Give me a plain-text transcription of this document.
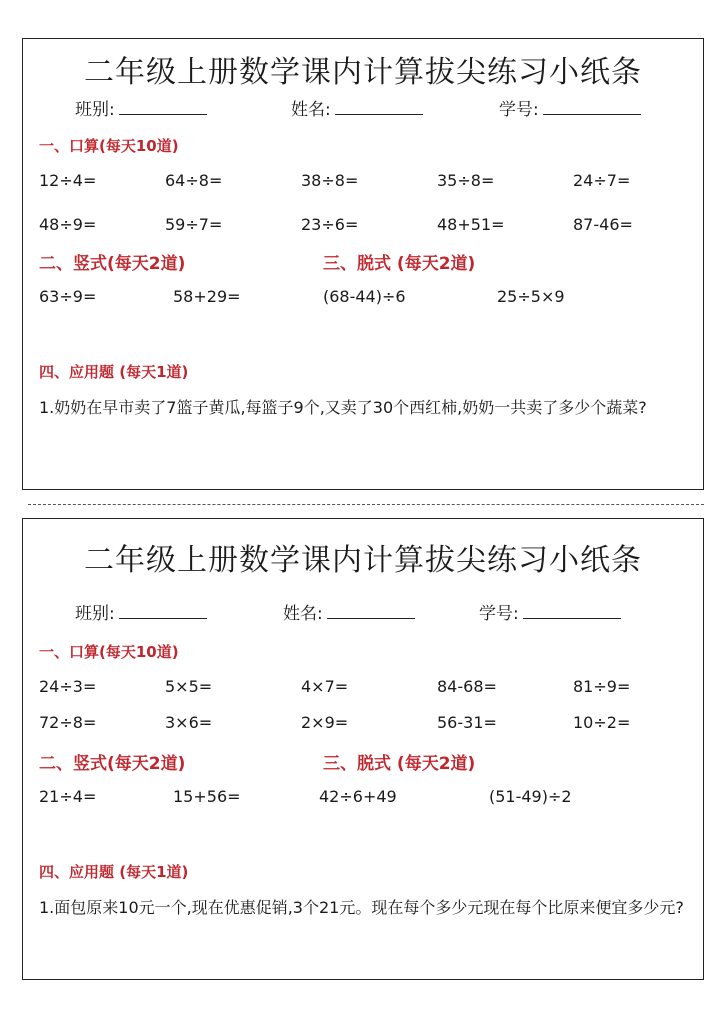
二年级上册数学课内计算拔尖练习小纸条
班别:	姓名:	学号:
一、口算(每天10道)
12÷4=	64÷8=	38÷8=	35÷8=	24÷7=
48÷9=	59÷7=	23÷6=	48+51=	87-46=
二、竖式(每天2道)	三、脱式 (每天2道)
63÷9=	58+29=	(68-44)÷6	25÷5×9
四、应用题 (每天1道)
1.奶奶在早市卖了7篮子黄瓜,每篮子9个,又卖了30个西红柿,奶奶一共卖了多少个蔬菜?
二年级上册数学课内计算拔尖练习小纸条
班别:	姓名:	学号:
一、口算(每天10道)
24÷3=	5×5=	4×7=	84-68=	81÷9=
72÷8=	3×6=	2×9=	56-31=	10÷2=
二、竖式(每天2道)	三、脱式 (每天2道)
21÷4=	15+56=	42÷6+49	(51-49)÷2
四、应用题 (每天1道)
1.面包原来10元一个,现在优惠促销,3个21元。现在每个多少元现在每个比原来便宜多少元?
